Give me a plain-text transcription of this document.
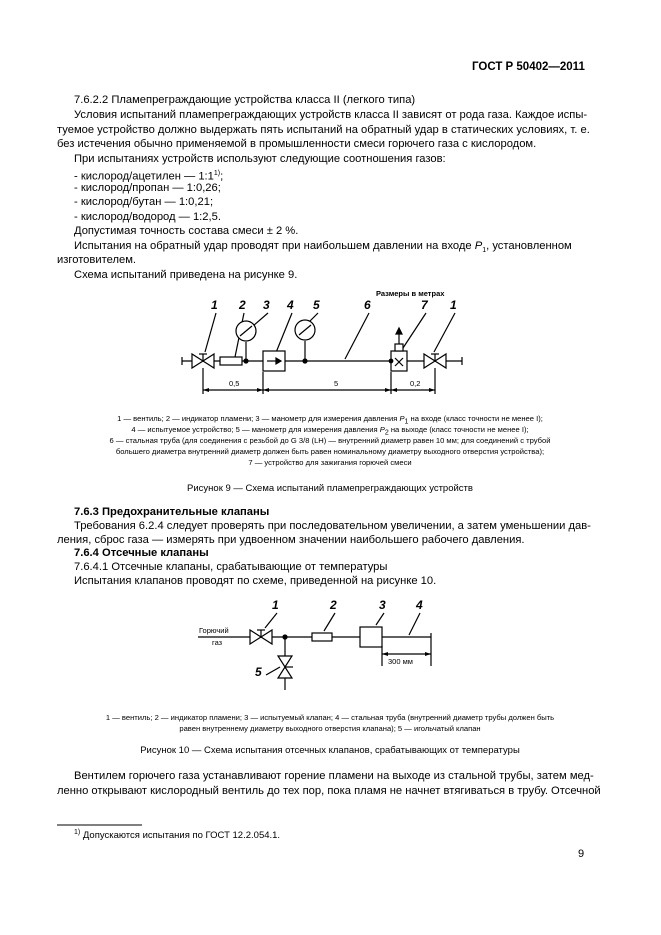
ГОСТ Р 50402—2011
7.6.2.2 Пламепреграждающие устройства класса II (легкого типа)
Условия испытаний пламепреграждающих устройств класса II зависят от рода газа. Каждое испы-
туемое устройство должно выдержать пять испытаний на обратный удар в статических условиях, т. е.
без истечения обычно применяемой в промышленности смеси горючего газа с кислородом.
При испытаниях устройств используют следующие соотношения газов:
- кислород/ацетилен — 1:1$^{1)}$;
- кислород/пропан — 1:0,26;
- кислород/бутан — 1:0,21;
- кислород/водород — 1:2,5.
Допустимая точность состава смеси ± 2 %.
Испытания на обратный удар проводят при наибольшем давлении на входе $P_1$, установленном
изготовителем.
Схема испытаний приведена на рисунке 9.
Размеры в метрах
1 2 3 4 5	6	7 1
0,5	5	0,2
1 — вентиль; 2 — индикатор пламени; 3 — манометр для измерения давления $P_1$ на входе (класс точности не менее I);
4 — испытуемое устройство; 5 — манометр для измерения давления $P_2$ на выходе (класс точности не менее I);
6 — стальная труба (для соединения с резьбой до G 3/8 (LH) — внутренний диаметр равен 10 мм; для соединений с трубой
большего диаметра внутренний диаметр должен быть равен номинальному диаметру выходного отверстия устройства);
7 — устройство для зажигания горючей смеси
Рисунок 9 — Схема испытаний пламепреграждающих устройств
7.6.3 Предохранительные клапаны
Требования 6.2.4 следует проверять при последовательном увеличении, а затем уменьшении дав-
ления, сброс газа — измерять при удвоенном значении наибольшего рабочего давления.
7.6.4 Отсечные клапаны
7.6.4.1 Отсечные клапаны, срабатывающие от температуры
Испытания клапанов проводят по схеме, приведенной на рисунке 10.
Горючий
газ
1	2	3	4
5
300 мм
1 — вентиль; 2 — индикатор пламени; 3 — испытуемый клапан; 4 — стальная труба (внутренний диаметр трубы должен быть
равен внутреннему диаметру выходного отверстия клапана); 5 — игольчатый клапан
Рисунок 10 — Схема испытания отсечных клапанов, срабатывающих от температуры
Вентилем горючего газа устанавливают горение пламени на выходе из стальной трубы, затем мед-
ленно открывают кислородный вентиль до тех пор, пока пламя не начнет втягиваться в трубу. Отсечной
$^{1)}$ Допускаются испытания по ГОСТ 12.2.054.1.
9
